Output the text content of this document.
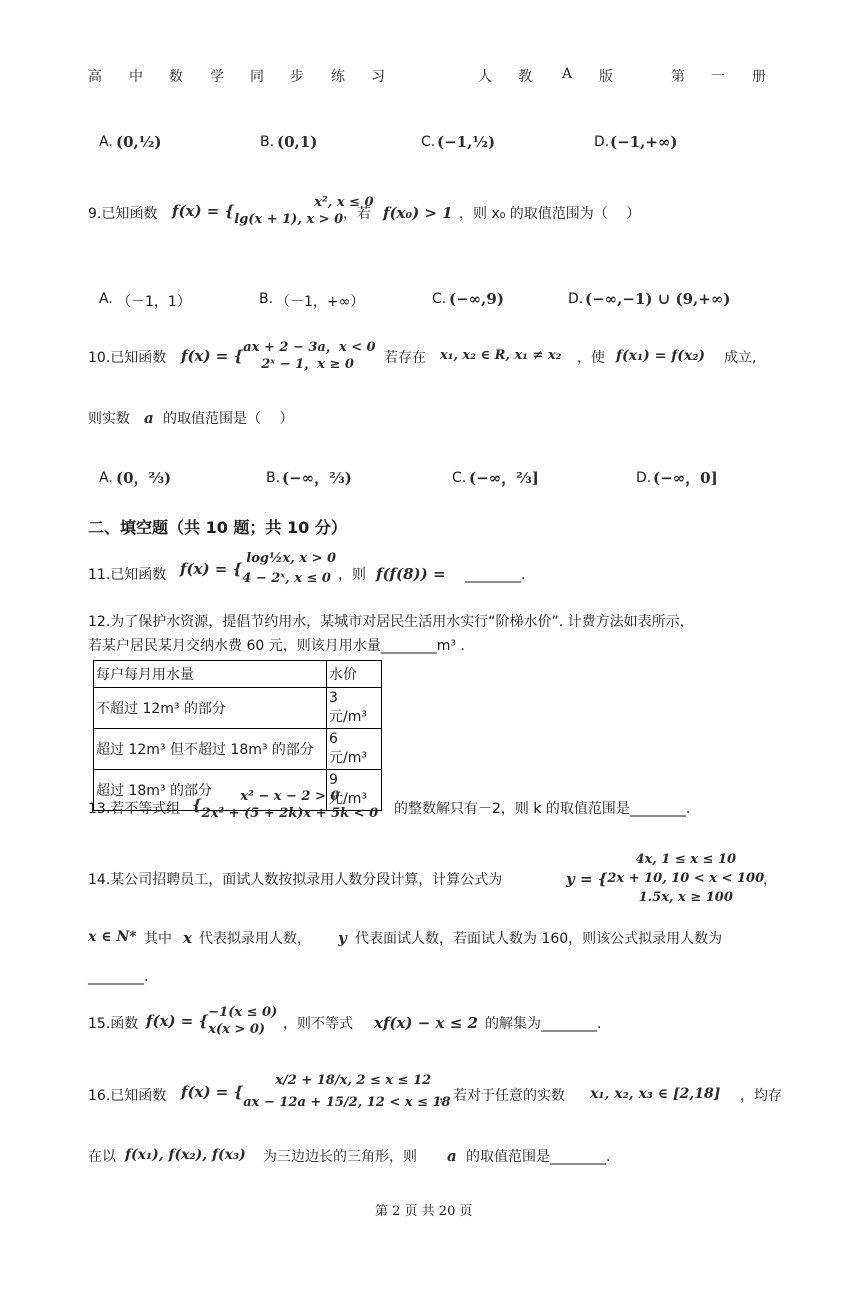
高 中 数 学 同 步 练 习	人 教 A 版	第 一 册
A. (0,½)	B. (0,1)	C. (−1,½)	D. (−1,+∞)
9.已知函数 f(x) = {	x², x ≤ 0
lg(x + 1), x > 0 ，若 f(x₀) > 1 ，则 x₀ 的取值范围为（　 ）
A. （－1，1）	B. （－1，+∞）	C. (−∞,9)	D. (−∞,−1) ∪ (9,+∞)
10.已知函数 f(x) = { ax + 2 − 3a，x < 0
2ˣ − 1，x ≥ 0	若存在 x₁, x₂ ∈ R, x₁ ≠ x₂ ，使 f(x₁) = f(x₂) 成立,
则实数 a 的取值范围是（　 ）
A. (0，⅔)	B. (−∞，⅔)	C. (−∞，⅔]	D. (−∞，0]
二、填空题（共 10 题；共 10 分）
11.已知函数 f(x) = {
log½x, x > 0
4 − 2ˣ, x ≤ 0 ，则 f(f(8)) = ________.
12.为了保护水资源，提倡节约用水，某城市对居民生活用水实行“阶梯水价”. 计费方法如表所示，
若某户居民某月交纳水费 60 元，则该月用水量________m³ .
每户每月用水量	水价
不超过 12m³ 的部分	3 元/m³
超过 12m³ 但不超过 18m³ 的部分	6 元/m³
超过 18m³ 的部分	9 元/m³
13.若不等式组 {	x² − x − 2 > 0
2x² + (5 + 2k)x + 5k < 0 的整数解只有－2，则 k 的取值范围是________.
14.某公司招聘员工，面试人数按拟录用人数分段计算，计算公式为	y = {
4x, 1 ≤ x ≤ 10
2x + 10, 10 < x < 100
1.5x, x ≥ 100
，
x ∈ N* 其中 x 代表拟录用人数， y 代表面试人数，若面试人数为 160，则该公式拟录用人数为
________.
15.函数 f(x) = { −1(x ≤ 0)
x(x > 0)	，则不等式 xf(x) − x ≤ 2 的解集为________.
16.已知函数 f(x) = {
x/2 + 18/x, 2 ≤ x ≤ 12
ax − 12a + 15/2, 12 < x ≤ 18
，若对于任意的实数 x₁, x₂, x₃ ∈ [2,18] ，均存
在以 f(x₁), f(x₂), f(x₃) 为三边边长的三角形，则 a 的取值范围是________.
第 2 页 共 20 页
